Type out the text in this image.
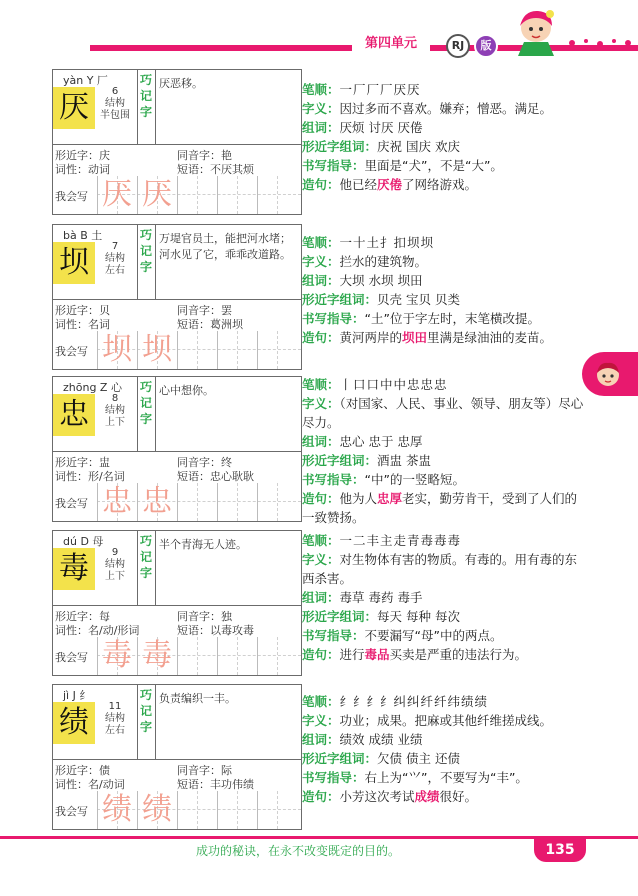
第四单元	RJ	版
yàn Y 厂
厌	6
结构
半包围
巧记字
厌恶移。
形近字：庆	同音字：艳
词性：动词	短语：不厌其烦
我会写 厌 厌
bà B 土
坝	7
结构
左右
巧记字
万堤官员土，能把河水堵；河水见了它，乖乖改道路。
形近字：贝	同音字：罢
词性：名词	短语：葛洲坝
我会写 坝 坝
zhōng Z 心
忠	8
结构
上下
巧记字
心中想你。
形近字：盅	同音字：终
词性：形/名词	短语：忠心耿耿
我会写 忠 忠
dú D 母
毒	9
结构
上下
巧记字
半个青海无人迹。
形近字：每	同音字：独
词性：名/动/形词	短语：以毒攻毒
我会写 毒 毒
jì J 纟
绩	11
结构
左右
巧记字
负责编织一丰。
形近字：债	同音字：际
词性：名/动词	短语：丰功伟绩
我会写 绩 绩

笔顺：一厂厂厂厌厌

字义：因过多而不喜欢。嫌弃；憎恶。满足。

组词：厌烦 讨厌 厌倦

形近字组词：庆祝 国庆 欢庆

书写指导：里面是“犬”，不是“大”。

造句：他已经厌倦了网络游戏。

笔顺：一十土扌扣坝坝

字义：拦水的建筑物。

组词：大坝 水坝 坝田

形近字组词：贝壳 宝贝 贝类

书写指导：“土”位于字左时，末笔横改提。

造句：黄河两岸的坝田里满是绿油油的麦苗。

笔顺：丨口口中中忠忠忠

字义：（对国家、人民、事业、领导、朋友等）尽心尽力。

组词：忠心 忠于 忠厚

形近字组词：酒盅 茶盅

书写指导：“中”的一竖略短。

造句：他为人忠厚老实，勤劳肯干，受到了人们的一致赞扬。

笔顺：一二丰主走青毒毒毒

字义：对生物体有害的物质。有毒的。用有毒的东西杀害。

组词：毒草 毒药 毒手

形近字组词：每天 每种 每次

书写指导：不要漏写“母”中的两点。

造句：进行毒品买卖是严重的违法行为。

笔顺：纟纟纟纟纠纠纤纤纬绩绩

字义：功业；成果。把麻或其他纤维搓成线。

组词：绩效 成绩 业绩

形近字组词：欠债 债主 还债

书写指导：右上为“⺍”，不要写为“丰”。

造句：小芳这次考试成绩很好。

成功的秘诀，在永不改变既定的目的。	135
